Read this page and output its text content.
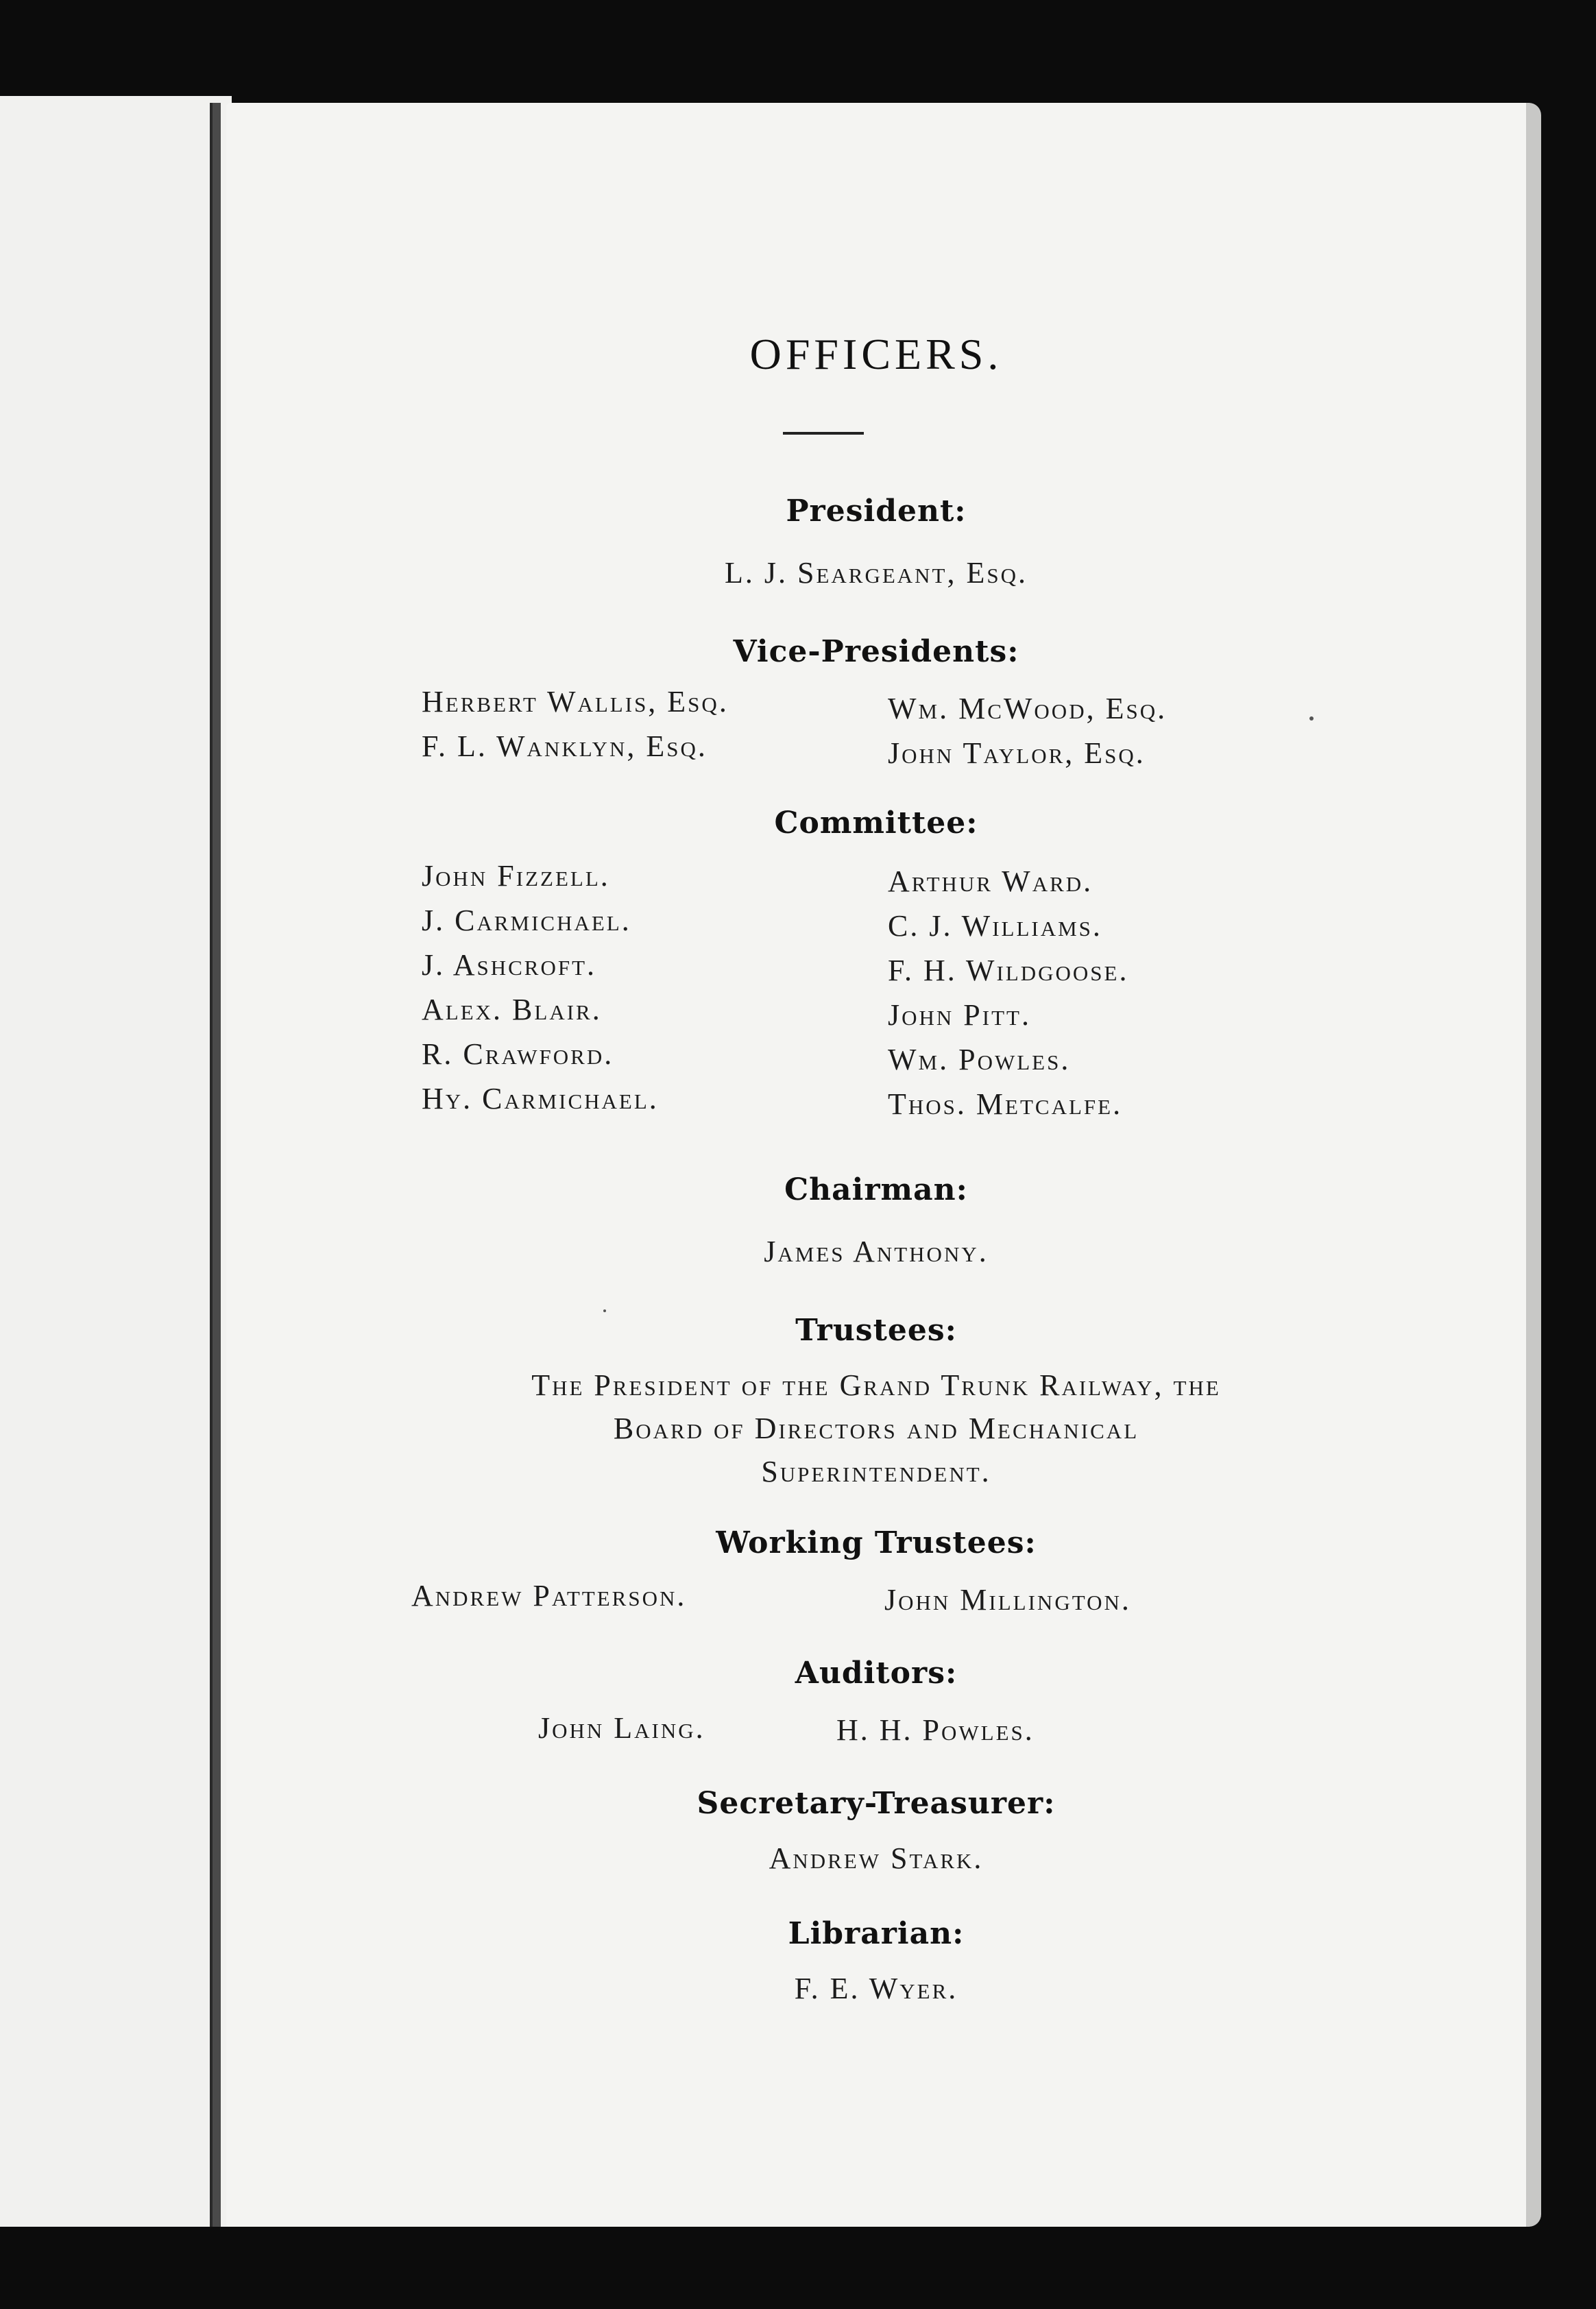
OFFICERS.
President:
L. J. Seargeant, Esq.
Vice-Presidents:
Herbert Wallis, Esq.
F. L. Wanklyn, Esq.
Wm. McWood, Esq.
John Taylor, Esq.
Committee:
John Fizzell.
J. Carmichael.
J. Ashcroft.
Alex. Blair.
R. Crawford.
Hy. Carmichael.
Arthur Ward.
C. J. Williams.
F. H. Wildgoose.
John Pitt.
Wm. Powles.
Thos. Metcalfe.
Chairman:
James Anthony.
Trustees:
The President of the Grand Trunk Railway, the
Board of Directors and Mechanical
Superintendent.
Working Trustees:
Andrew Patterson.	John Millington.
Auditors:
John Laing.	H. H. Powles.
Secretary-Treasurer:
Andrew Stark.
Librarian:
F. E. Wyer.
